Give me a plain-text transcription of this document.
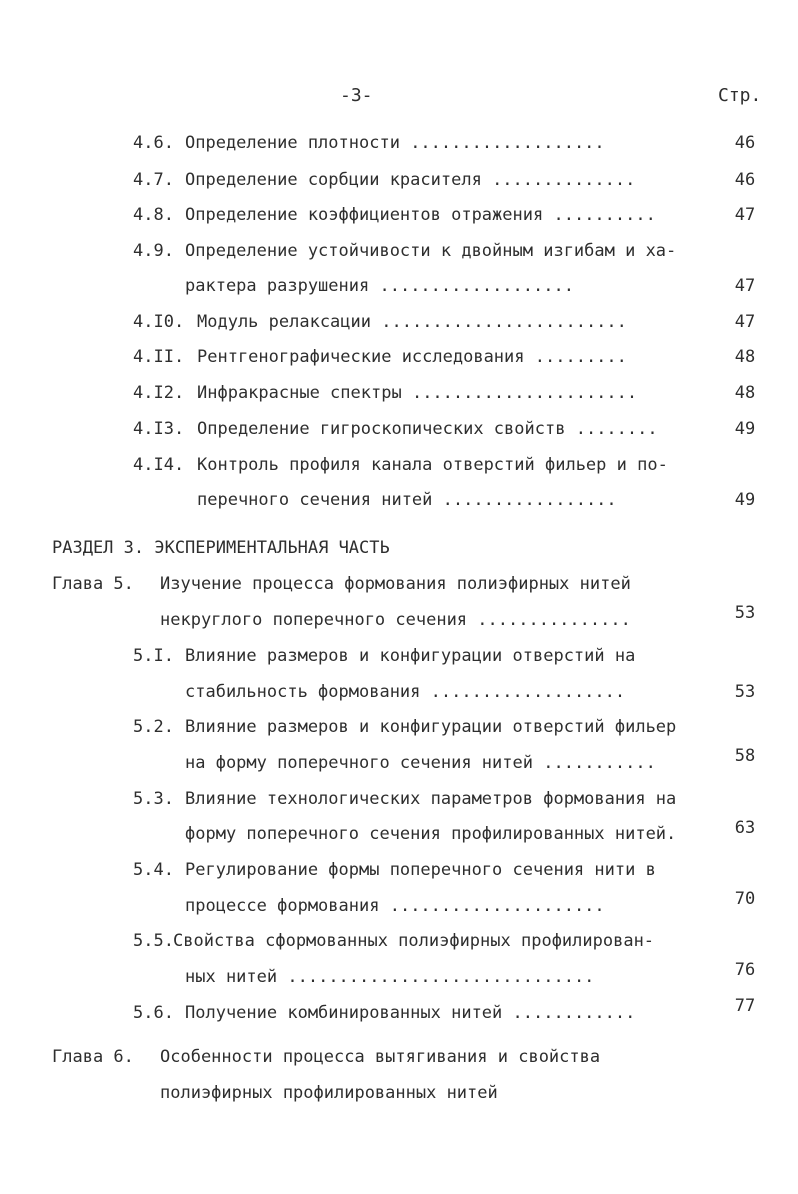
-3-	Стр.
4.6. Определение плотности ...................	46
4.7. Определение сорбции красителя ..............	46
4.8. Определение коэффициентов отражения ..........	47
4.9. Определение устойчивости к двойным изгибам и ха-
рактера разрушения ...................	47
4.I0. Модуль релаксации ........................	47
4.II. Рентгенографические исследования .........	48
4.I2. Инфракрасные спектры ......................	48
4.I3. Определение гигроскопических свойств ........	49
4.I4. Контроль профиля канала отверстий фильер и по-
перечного сечения нитей .................	49
РАЗДЕЛ 3. ЭКСПЕРИМЕНТАЛЬНАЯ ЧАСТЬ
Глава 5. Изучение процесса формования полиэфирных нитей
некруглого поперечного сечения ...............	53
5.I. Влияние размеров и конфигурации отверстий на
стабильность формования ...................	53
5.2. Влияние размеров и конфигурации отверстий фильер
на форму поперечного сечения нитей ...........	58
5.3. Влияние технологических параметров формования на
форму поперечного сечения профилированных нитей.	63
5.4. Регулирование формы поперечного сечения нити в
процессе формования .....................	70
5.5. Свойства сформованных полиэфирных профилирован-
ных нитей ..............................	76
5.6. Получение комбинированных нитей ............	77
Глава 6. Особенности процесса вытягивания и свойства
полиэфирных профилированных нитей
